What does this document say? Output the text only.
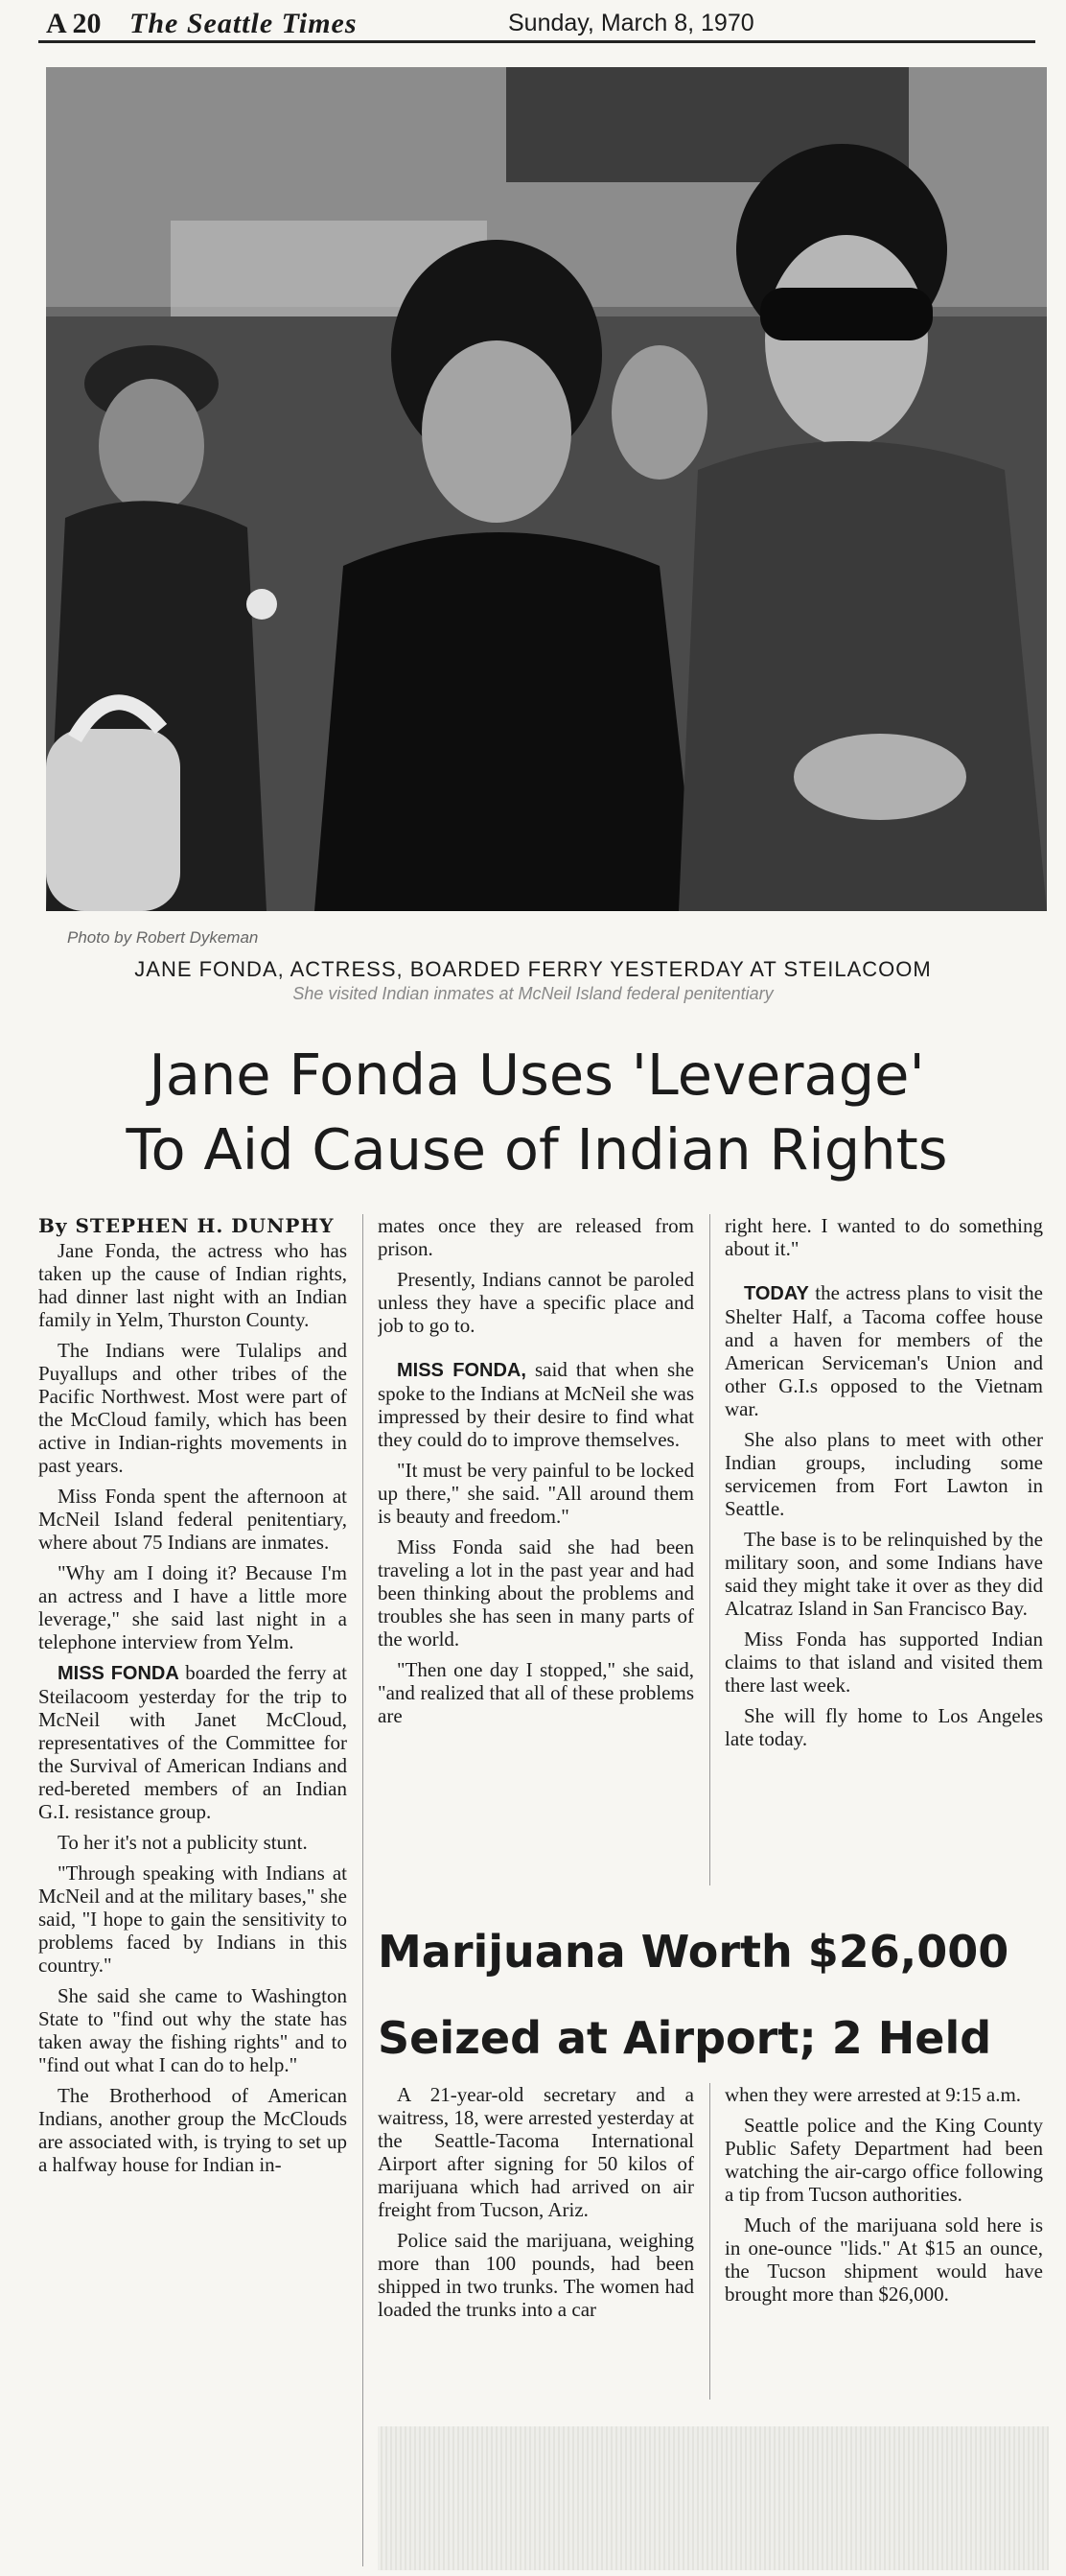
A 20 The Seattle Times	Sunday, March 8, 1970
Photo by Robert Dykeman
JANE FONDA, ACTRESS, BOARDED FERRY YESTERDAY AT STEILACOOM
She visited Indian inmates at McNeil Island federal penitentiary
Jane Fonda Uses 'Leverage'
To Aid Cause of Indian Rights
By STEPHEN H. DUNPHY

Jane Fonda, the actress who has taken up the cause of Indian rights, had dinner last night with an Indian family in Yelm, Thurston County.

The Indians were Tulalips and Puyallups and other tribes of the Pacific Northwest. Most were part of the McCloud family, which has been active in Indian-rights movements in past years.

Miss Fonda spent the afternoon at McNeil Island federal penitentiary, where about 75 Indians are inmates.

"Why am I doing it? Because I'm an actress and I have a little more leverage," she said last night in a telephone interview from Yelm.

MISS FONDA boarded the ferry at Steilacoom yesterday for the trip to McNeil with Janet McCloud, representatives of the Committee for the Survival of American Indians and red-bereted members of an Indian G.I. resistance group.

To her it's not a publicity stunt.

"Through speaking with Indians at McNeil and at the military bases," she said, "I hope to gain the sensitivity to problems faced by Indians in this country."

She said she came to Washington State to "find out why the state has taken away the fishing rights" and to "find out what I can do to help."

The Brotherhood of American Indians, another group the McClouds are associated with, is trying to set up a halfway house for Indian in-

mates once they are released from prison.

Presently, Indians cannot be paroled unless they have a specific place and job to go to.

MISS FONDA, said that when she spoke to the Indians at McNeil she was impressed by their desire to find what they could do to improve themselves.

"It must be very painful to be locked up there," she said. "All around them is beauty and freedom."

Miss Fonda said she had been traveling a lot in the past year and had been thinking about the problems and troubles she has seen in many parts of the world.

"Then one day I stopped," she said, "and realized that all of these problems are

right here. I wanted to do something about it."

TODAY the actress plans to visit the Shelter Half, a Tacoma coffee house and a haven for members of the American Serviceman's Union and other G.I.s opposed to the Vietnam war.

She also plans to meet with other Indian groups, including some servicemen from Fort Lawton in Seattle.

The base is to be relinquished by the military soon, and some Indians have said they might take it over as they did Alcatraz Island in San Francisco Bay.

Miss Fonda has supported Indian claims to that island and visited them there last week.

She will fly home to Los Angeles late today.

Marijuana Worth $26,000
Seized at Airport; 2 Held

A 21-year-old secretary and a waitress, 18, were arrested yesterday at the Seattle-Tacoma International Airport after signing for 50 kilos of marijuana which had arrived on air freight from Tucson, Ariz.

Police said the marijuana, weighing more than 100 pounds, had been shipped in two trunks. The women had loaded the trunks into a car

when they were arrested at 9:15 a.m.

Seattle police and the King County Public Safety Department had been watching the air-cargo office following a tip from Tucson authorities.

Much of the marijuana sold here is in one-ounce "lids." At $15 an ounce, the Tucson shipment would have brought more than $26,000.
